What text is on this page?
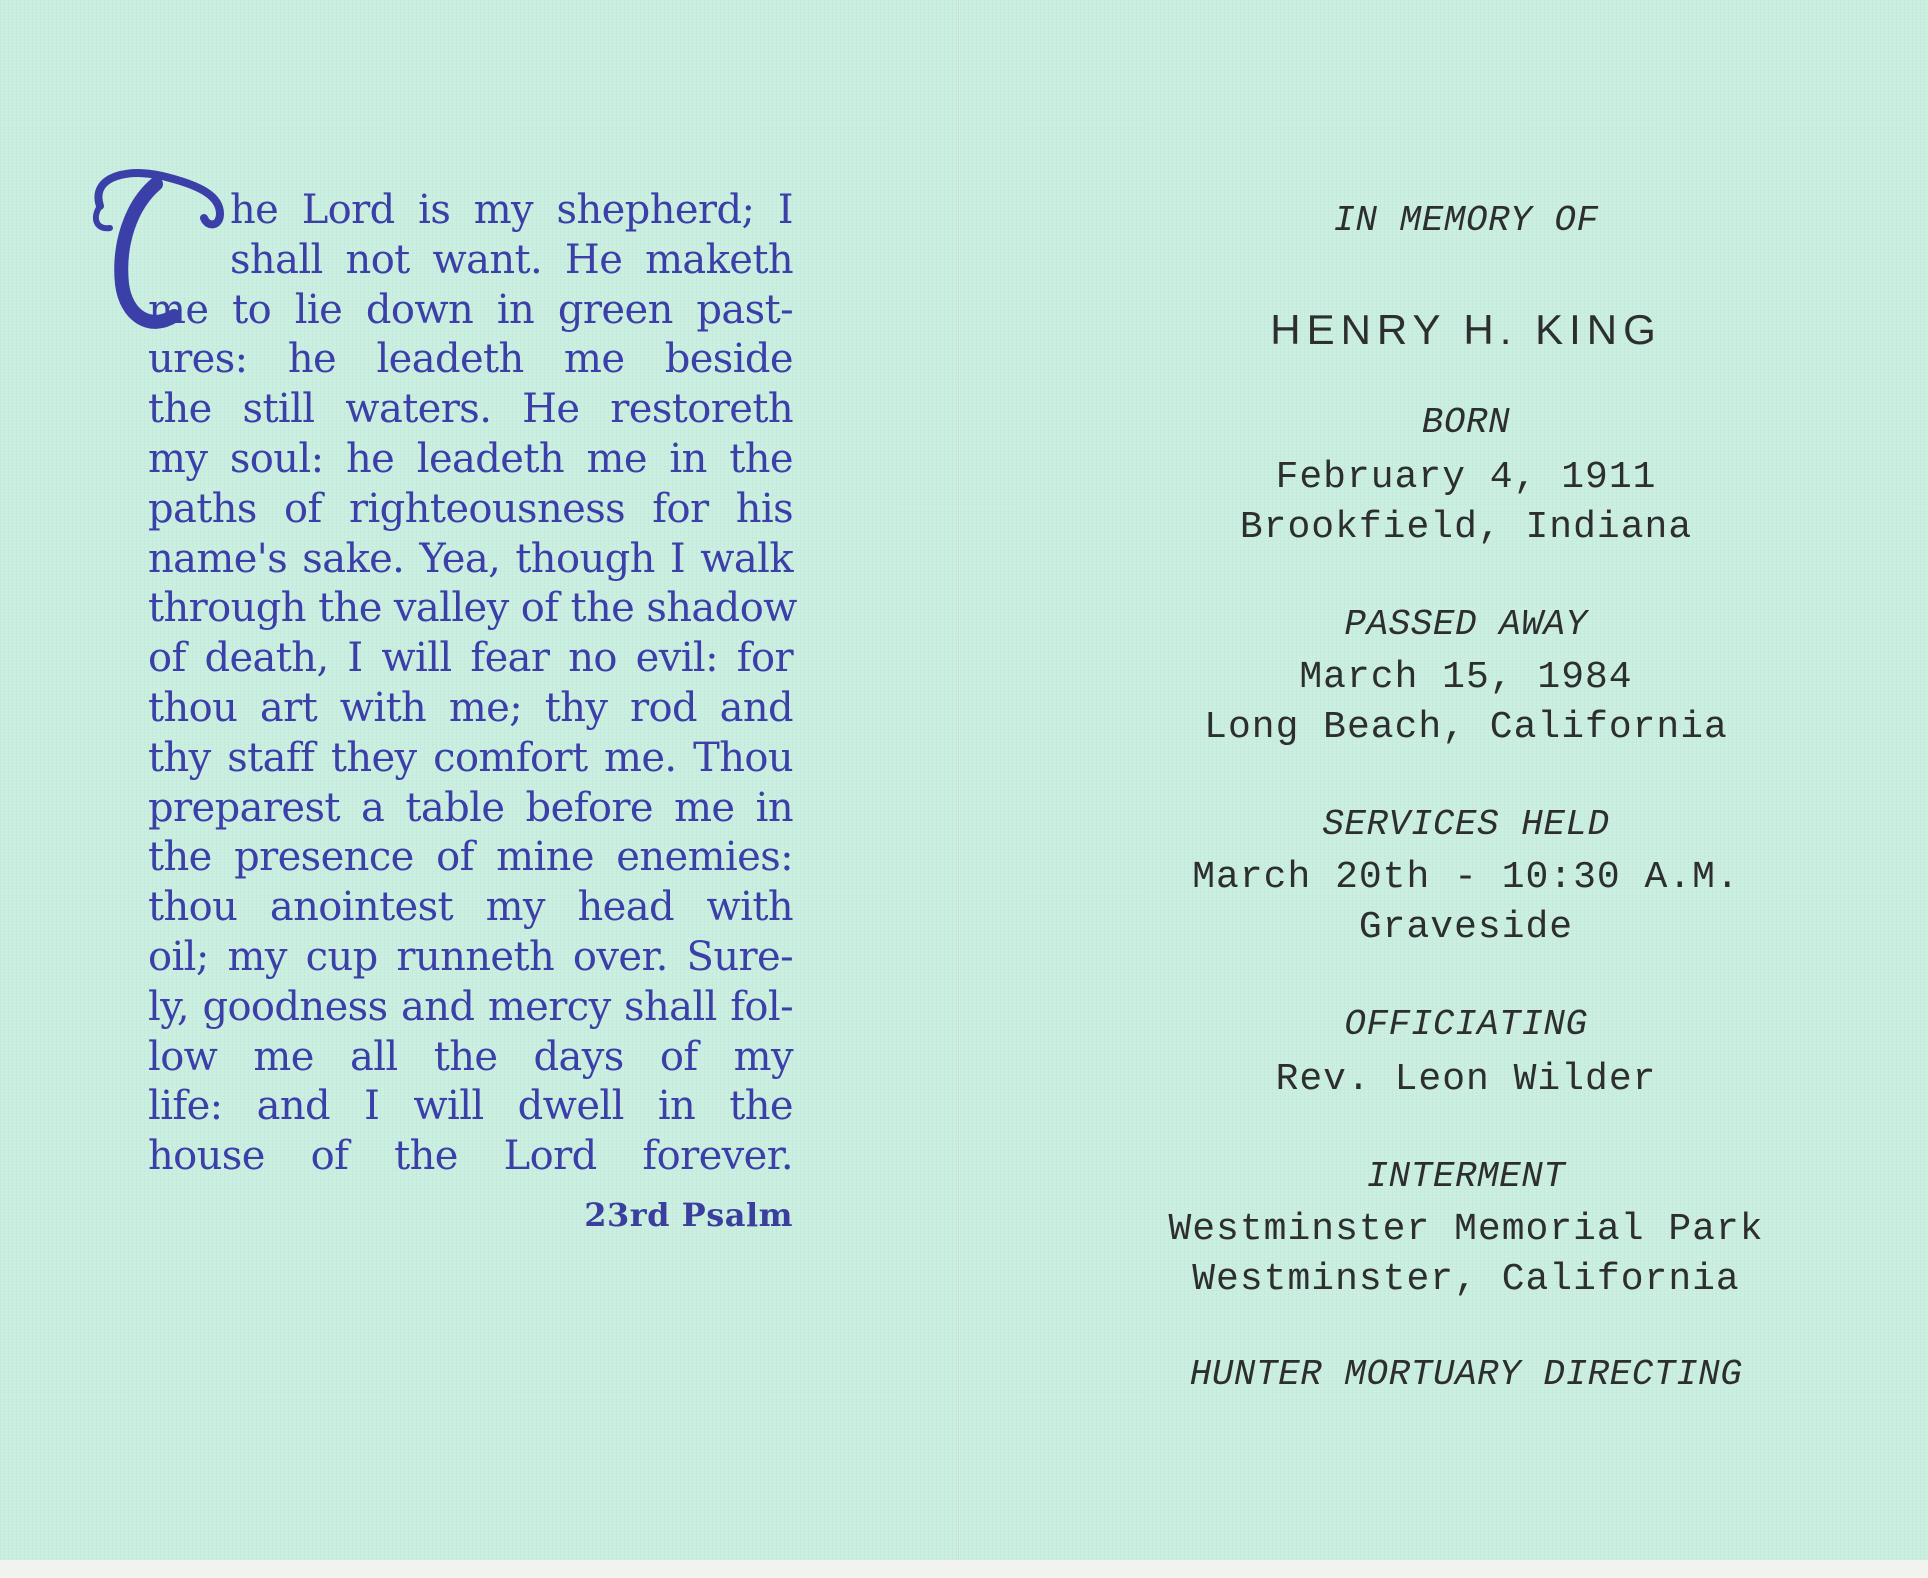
he Lord is my shepherd; I
shall not want. He maketh
me to lie down in green past-
ures: he leadeth me beside
the still waters. He restoreth
my soul: he leadeth me in the
paths of righteousness for his
name's sake. Yea, though I walk
through the valley of the shadow
of death, I will fear no evil: for
thou art with me; thy rod and
thy staff they comfort me. Thou
preparest a table before me in
the presence of mine enemies:
thou anointest my head with
oil; my cup runneth over. Sure-
ly, goodness and mercy shall fol-
low me all the days of my
life: and I will dwell in the
house of the Lord forever.
23rd Psalm
IN MEMORY OF
HENRY H. KING
BORN
February 4, 1911
Brookfield, Indiana
PASSED AWAY
March 15, 1984
Long Beach, California
SERVICES HELD
March 20th - 10:30 A.M.
Graveside
OFFICIATING
Rev. Leon Wilder
INTERMENT
Westminster Memorial Park
Westminster, California
HUNTER MORTUARY DIRECTING
